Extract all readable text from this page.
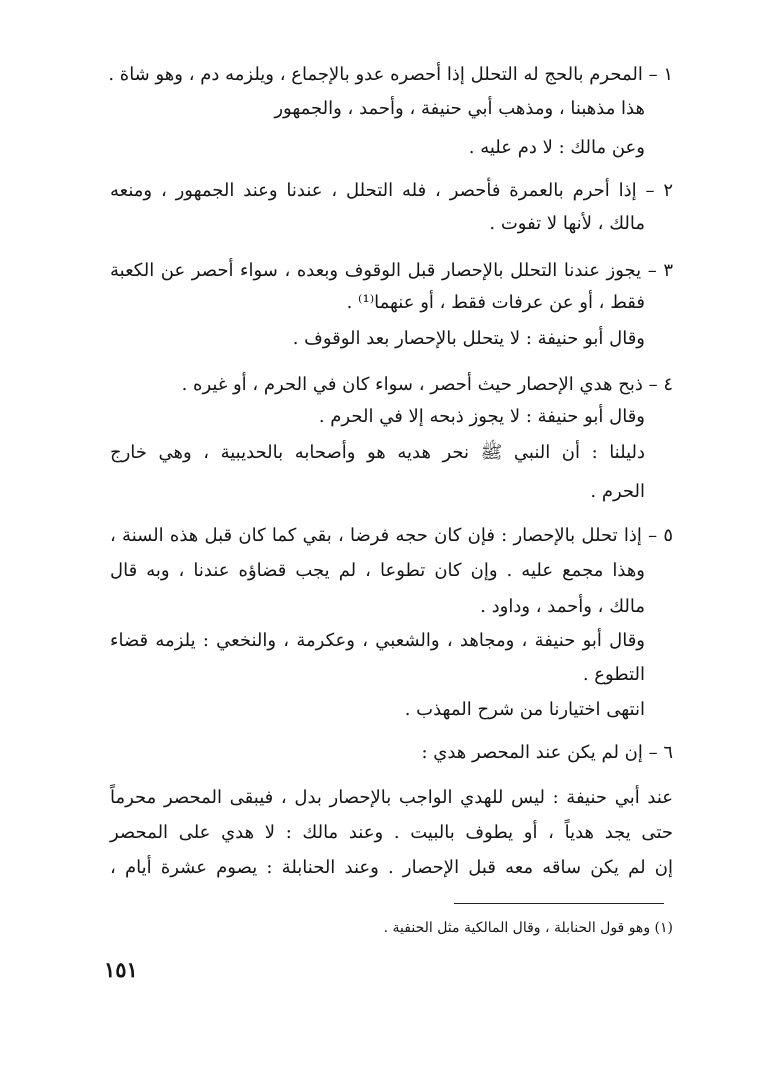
١ – المحرم بالحج له التحلل إذا أحصره عدو بالإجماع ، ويلزمه دم ، وهو شاة .
هذا مذهبنا ، ومذهب أبي حنيفة ، وأحمد ، والجمهور
وعن مالك : لا دم عليه .
٢ – إذا أحرم بالعمرة فأحصر ، فله التحلل ، عندنا وعند الجمهور ، ومنعه
مالك ، لأنها لا تفوت .
٣ – يجوز عندنا التحلل بالإحصار قبل الوقوف وبعده ، سواء أحصر عن الكعبة
فقط ، أو عن عرفات فقط ، أو عنهما⁽¹⁾ .
وقال أبو حنيفة : لا يتحلل بالإحصار بعد الوقوف .
٤ – ذبح هدي الإحصار حيث أحصر ، سواء كان في الحرم ، أو غيره .
وقال أبو حنيفة : لا يجوز ذبحه إلا في الحرم .
دليلنا : أن النبي ﷺ نحر هديه هو وأصحابه بالحديبية ، وهي خارج
الحرم .
٥ – إذا تحلل بالإحصار : فإن كان حجه فرضا ، بقي كما كان قبل هذه السنة ،
وهذا مجمع عليه . وإن كان تطوعا ، لم يجب قضاؤه عندنا ، وبه قال
مالك ، وأحمد ، وداود .
وقال أبو حنيفة ، ومجاهد ، والشعبي ، وعكرمة ، والنخعي : يلزمه قضاء
التطوع .
انتهى اختيارنا من شرح المهذب .
٦ – إن لم يكن عند المحصر هدي :
عند أبي حنيفة : ليس للهدي الواجب بالإحصار بدل ، فيبقى المحصر محرماً
حتى يجد هدياً ، أو يطوف بالبيت . وعند مالك : لا هدي على المحصر
إن لم يكن ساقه معه قبل الإحصار . وعند الحنابلة : يصوم عشرة أيام ،
(١) وهو قول الحنابلة ، وقال المالكية مثل الحنفية .
١٥١
